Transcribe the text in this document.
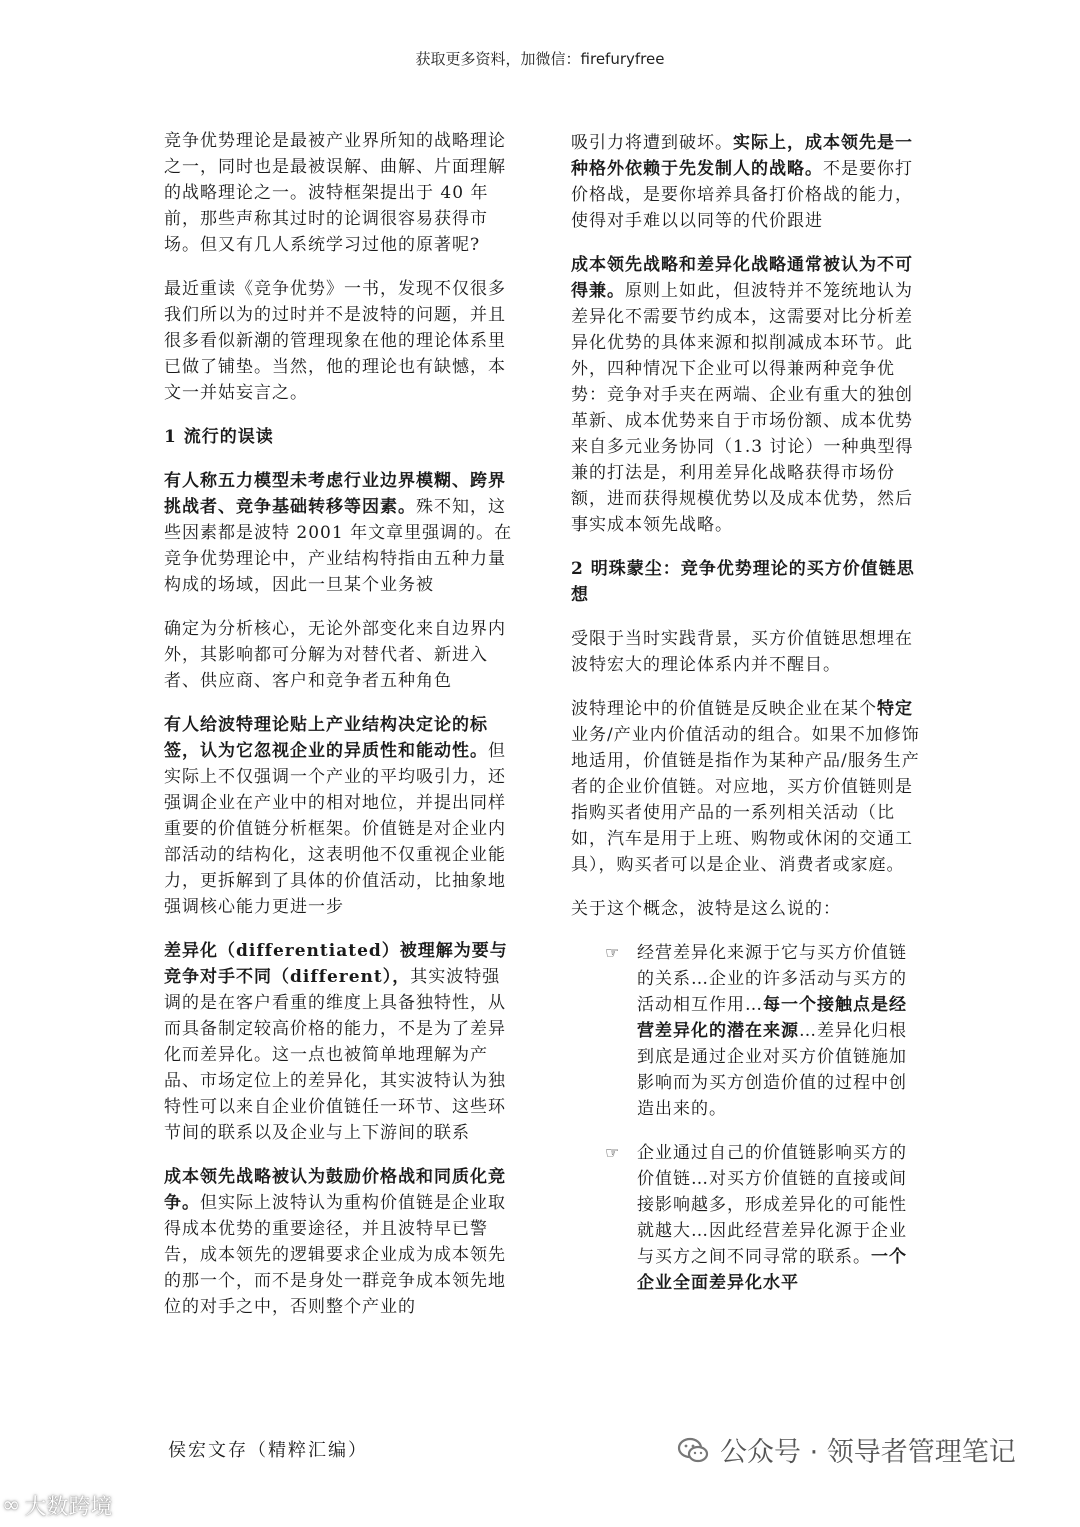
获取更多资料，加微信：firefuryfree

竞争优势理论是最被产业界所知的战略理论之一，同时也是最被误解、曲解、片面理解的战略理论之一。波特框架提出于 40 年前，那些声称其过时的论调很容易获得市场。但又有几人系统学习过他的原著呢?

最近重读《竞争优势》一书，发现不仅很多我们所以为的过时并不是波特的问题，并且很多看似新潮的管理现象在他的理论体系里已做了铺垫。当然，他的理论也有缺憾，本文一并姑妄言之。

1 流行的误读

有人称五力模型未考虑行业边界模糊、跨界挑战者、竞争基础转移等因素。殊不知，这些因素都是波特 2001 年文章里强调的。在竞争优势理论中，产业结构特指由五种力量构成的场域，因此一旦某个业务被

确定为分析核心，无论外部变化来自边界内外，其影响都可分解为对替代者、新进入者、供应商、客户和竞争者五种角色

有人给波特理论贴上产业结构决定论的标签，认为它忽视企业的异质性和能动性。但实际上不仅强调一个产业的平均吸引力，还强调企业在产业中的相对地位，并提出同样重要的价值链分析框架。价值链是对企业内部活动的结构化，这表明他不仅重视企业能力，更拆解到了具体的价值活动，比抽象地强调核心能力更进一步

差异化（differentiated）被理解为要与竞争对手不同（different），其实波特强调的是在客户看重的维度上具备独特性，从而具备制定较高价格的能力，不是为了差异化而差异化。这一点也被简单地理解为产品、市场定位上的差异化，其实波特认为独特性可以来自企业价值链任一环节、这些环节间的联系以及企业与上下游间的联系

成本领先战略被认为鼓励价格战和同质化竞争。但实际上波特认为重构价值链是企业取得成本优势的重要途径，并且波特早已警告，成本领先的逻辑要求企业成为成本领先的那一个，而不是身处一群竞争成本领先地位的对手之中，否则整个产业的

吸引力将遭到破坏。实际上，成本领先是一种格外依赖于先发制人的战略。不是要你打价格战，是要你培养具备打价格战的能力，使得对手难以以同等的代价跟进

成本领先战略和差异化战略通常被认为不可得兼。原则上如此，但波特并不笼统地认为差异化不需要节约成本，这需要对比分析差异化优势的具体来源和拟削减成本环节。此外，四种情况下企业可以得兼两种竞争优势：竞争对手夹在两端、企业有重大的独创革新、成本优势来自于市场份额、成本优势来自多元业务协同（1.3 讨论）一种典型得兼的打法是，利用差异化战略获得市场份额，进而获得规模优势以及成本优势，然后事实成本领先战略。

2 明珠蒙尘：竞争优势理论的买方价值链思想

受限于当时实践背景，买方价值链思想埋在波特宏大的理论体系内并不醒目。

波特理论中的价值链是反映企业在某个特定业务/产业内价值活动的组合。如果不加修饰地适用，价值链是指作为某种产品/服务生产者的企业价值链。对应地，买方价值链则是指购买者使用产品的一系列相关活动（比如，汽车是用于上班、购物或休闲的交通工具），购买者可以是企业、消费者或家庭。

关于这个概念，波特是这么说的：

☞ 经营差异化来源于它与买方价值链的关系…企业的许多活动与买方的活动相互作用…每一个接触点是经营差异化的潜在来源…差异化归根到底是通过企业对买方价值链施加影响而为买方创造价值的过程中创造出来的。
☞ 企业通过自己的价值链影响买方的价值链…对买方价值链的直接或间接影响越多，形成差异化的可能性就越大…因此经营差异化源于企业与买方之间不同寻常的联系。一个企业全面差异化水平
侯宏文存（精粹汇编）	公众号 · 领导者管理笔记
∞ 大数跨境
